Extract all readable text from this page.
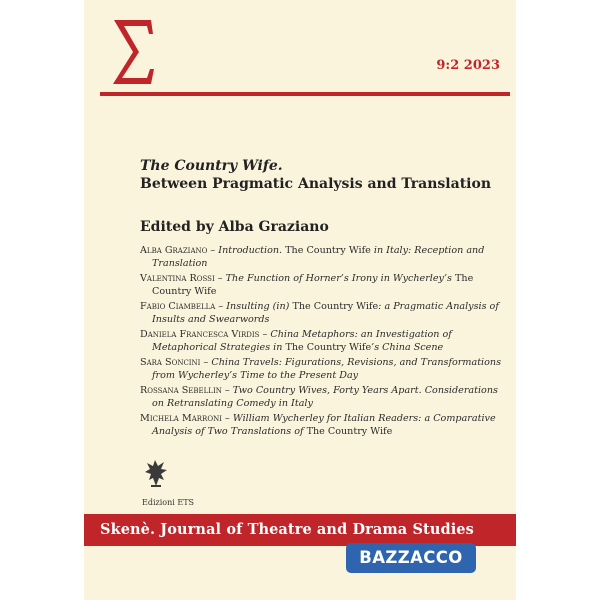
9:2 2023
The Country Wife.
Between Pragmatic Analysis and Translation
Edited by Alba Graziano
Alba Graziano – Introduction. The Country Wife in Italy: Reception and Translation
Valentina Rossi – The Function of Horner’s Irony in Wycherley’s The Country Wife
Fabio Ciambella – Insulting (in) The Country Wife: a Pragmatic Analysis of Insults and Swearwords
Daniela Francesca Virdis – China Metaphors: an Investigation of Metaphorical Strategies in The Country Wife’s China Scene
Sara Soncini – China Travels: Figurations, Revisions, and Transformations from Wycherley’s Time to the Present Day
Rossana Sebellin – Two Country Wives, Forty Years Apart. Considerations on Retranslating Comedy in Italy
Michela Marroni – William Wycherley for Italian Readers: a Comparative Analysis of Two Translations of The Country Wife
Edizioni ETS
Skenè. Journal of Theatre and Drama Studies
BAZZACCO
